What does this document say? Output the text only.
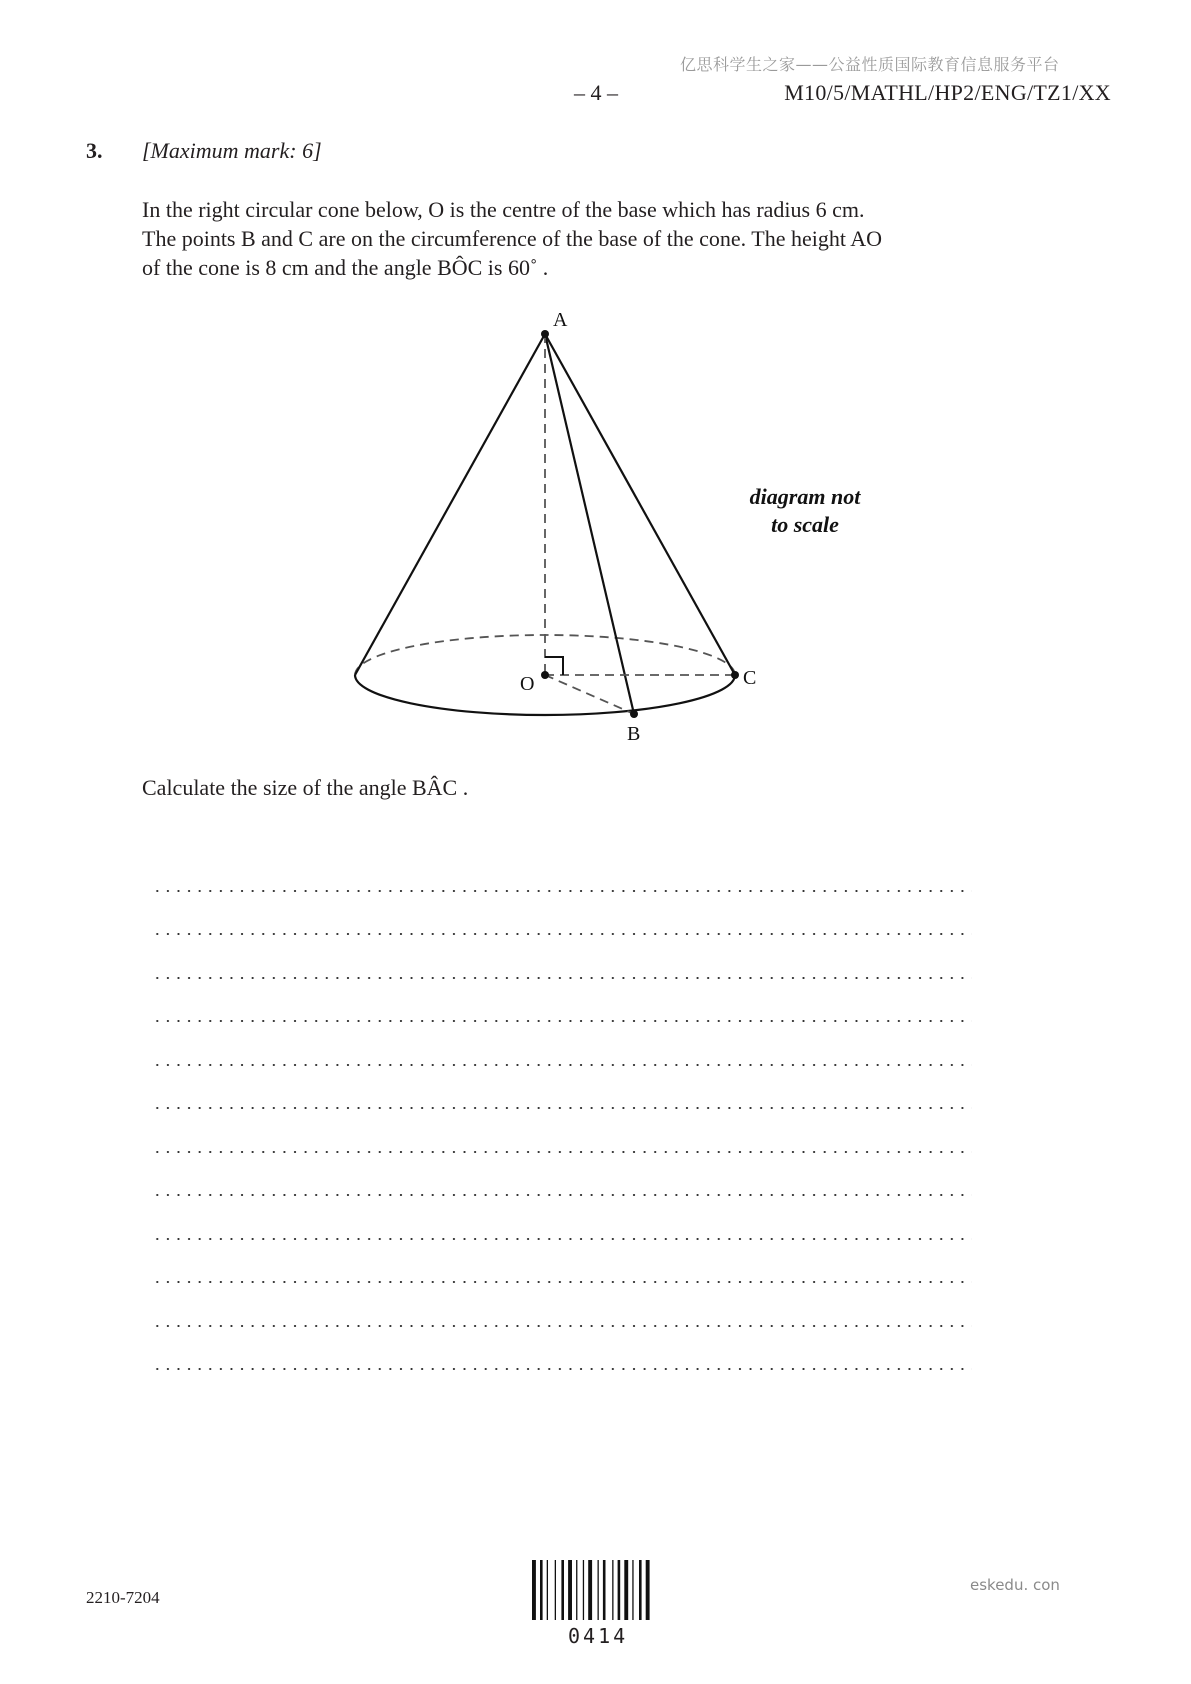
亿思科学生之家——公益性质国际教育信息服务平台
– 4 –	M10/5/MATHL/HP2/ENG/TZ1/XX
3. [Maximum mark: 6]

In the right circular cone below, O is the centre of the base which has radius 6 cm.

The points B and C are on the circumference of the base of the cone. The height AO

of the cone is 8 cm and the angle BÔC is 60˚ .

A
O	C
B
diagram not
to scale
Calculate the size of the angle BÂC .
2210-7204
0414
eskedu. con
